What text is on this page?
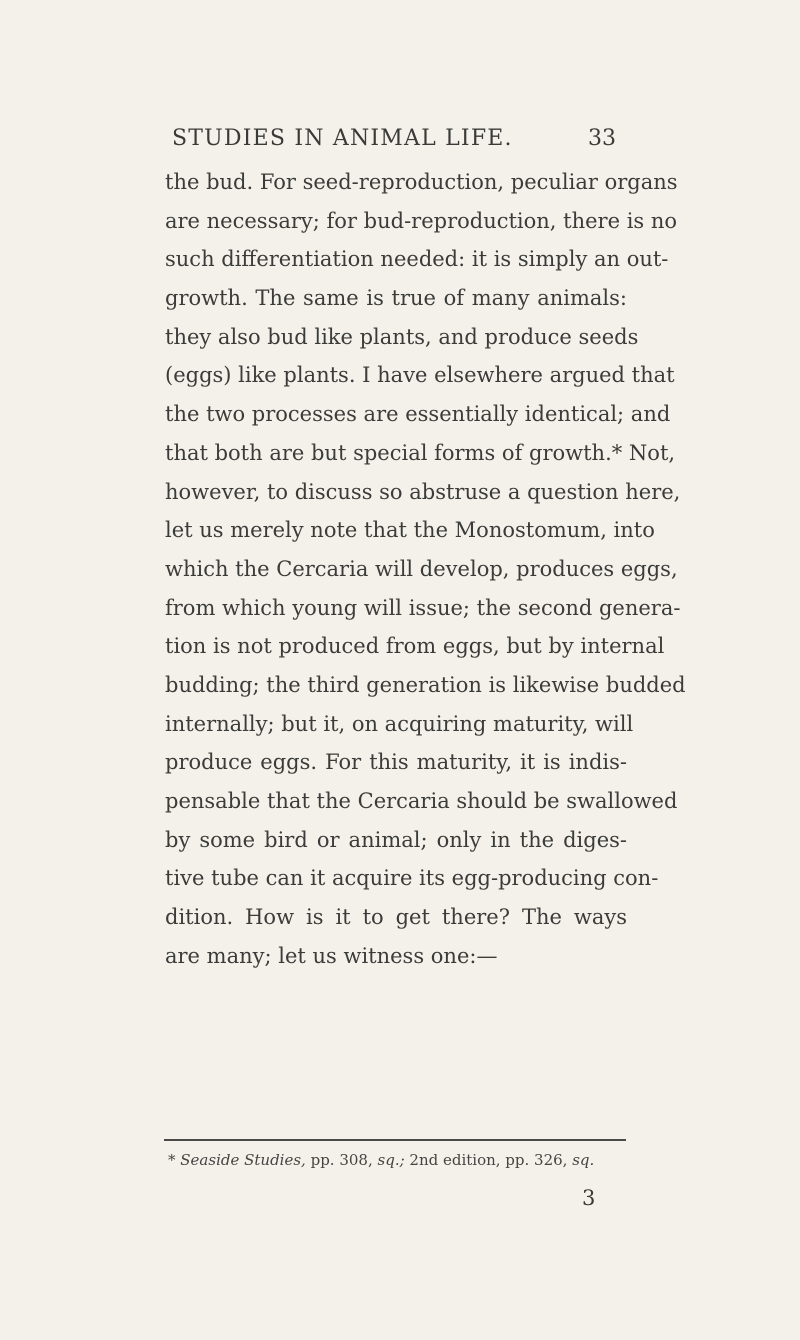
STUDIES IN ANIMAL LIFE.	33
the bud. For seed-reproduction, peculiar organs
are necessary; for bud-reproduction, there is no
such differentiation needed: it is simply an out-
growth. The same is true of many animals:
they also bud like plants, and produce seeds
(eggs) like plants. I have elsewhere argued that
the two processes are essentially identical; and
that both are but special forms of growth.* Not,
however, to discuss so abstruse a question here,
let us merely note that the Monostomum, into
which the Cercaria will develop, produces eggs,
from which young will issue; the second genera-
tion is not produced from eggs, but by internal
budding; the third generation is likewise budded
internally; but it, on acquiring maturity, will
produce eggs. For this maturity, it is indis-
pensable that the Cercaria should be swallowed
by some bird or animal; only in the diges-
tive tube can it acquire its egg-producing con-
dition. How is it to get there? The ways
are many; let us witness one:—
* Seaside Studies, pp. 308, sq.; 2nd edition, pp. 326, sq.
3
